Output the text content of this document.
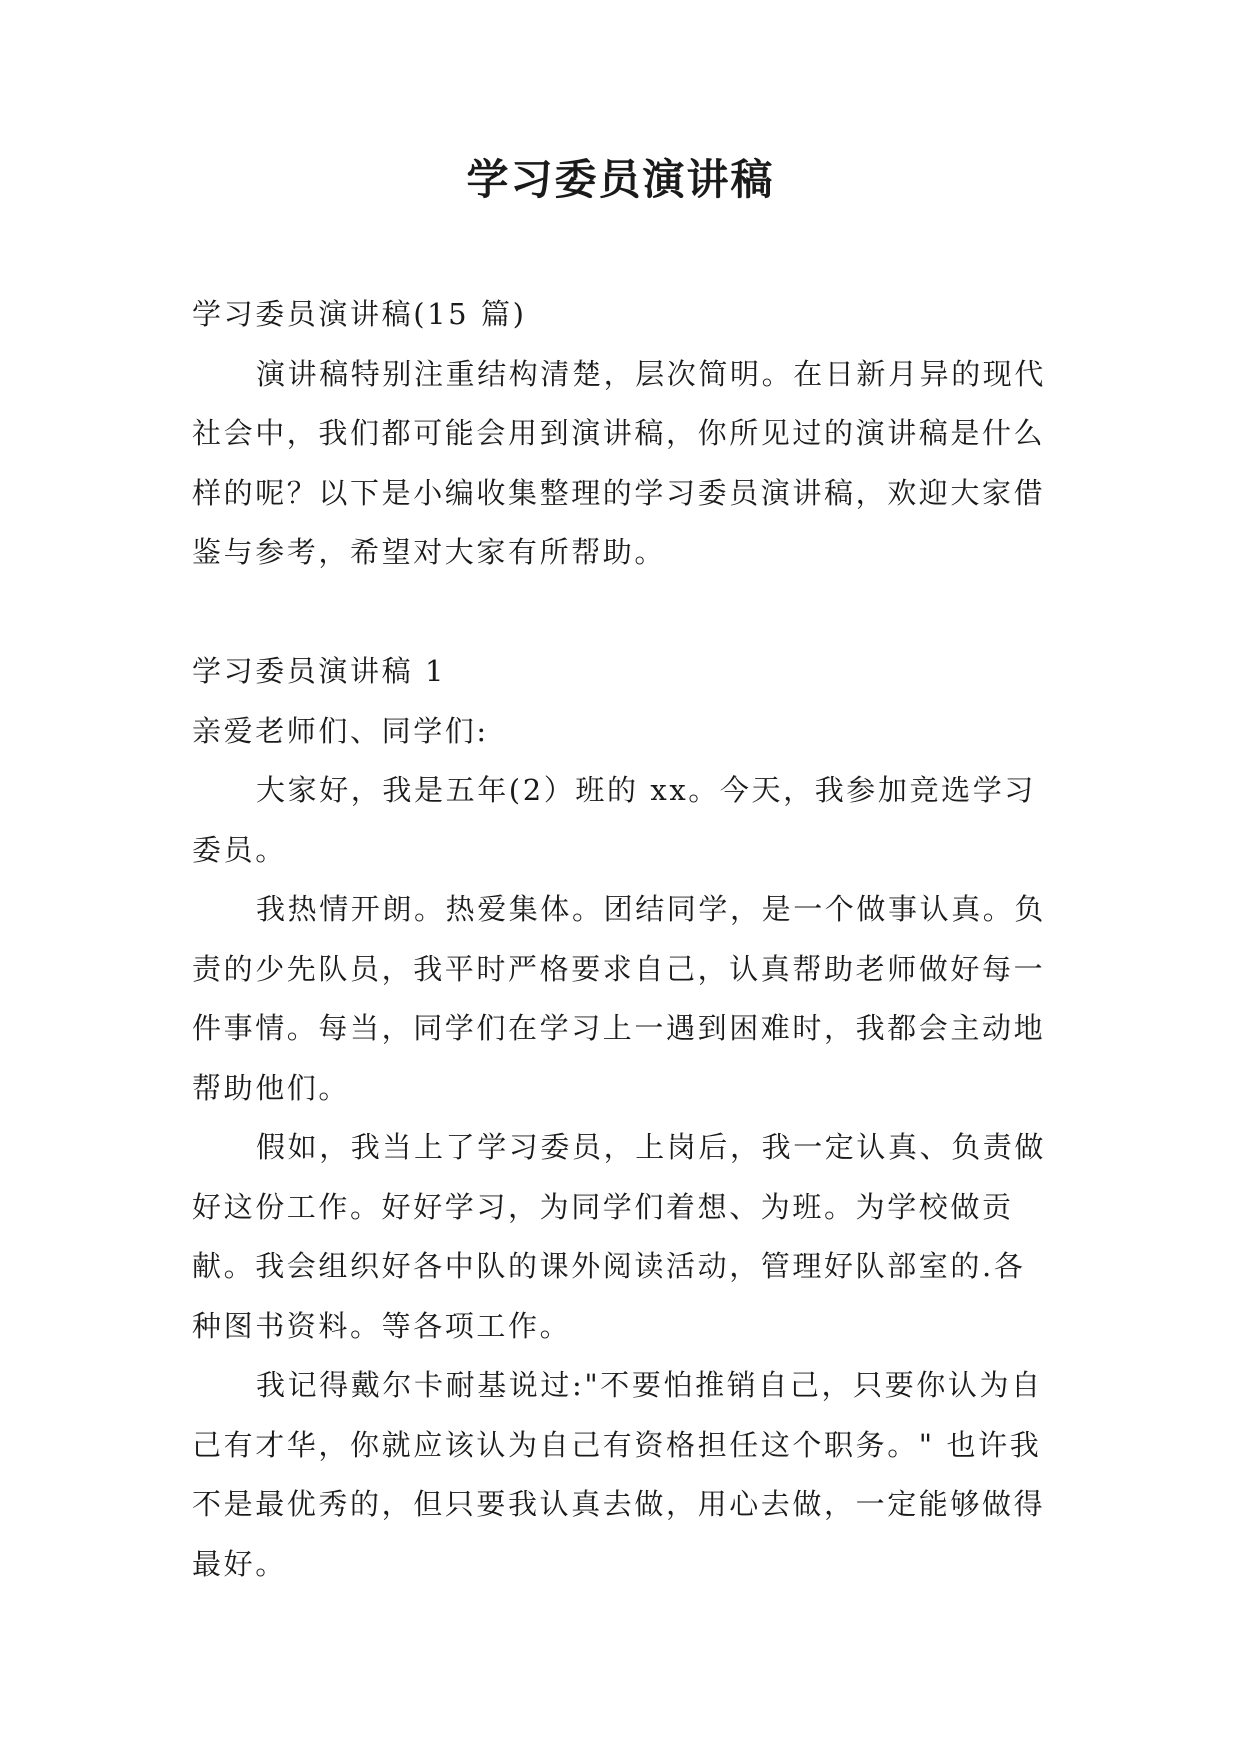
学习委员演讲稿

学习委员演讲稿(15 篇)

演讲稿特别注重结构清楚，层次简明。在日新月异的现代社会中，我们都可能会用到演讲稿，你所见过的演讲稿是什么样的呢？以下是小编收集整理的学习委员演讲稿，欢迎大家借鉴与参考，希望对大家有所帮助。

学习委员演讲稿 1

亲爱老师们、同学们:

大家好，我是五年(2）班的 xx。今天，我参加竞选学习委员。

我热情开朗。热爱集体。团结同学，是一个做事认真。负责的少先队员，我平时严格要求自己，认真帮助老师做好每一件事情。每当，同学们在学习上一遇到困难时，我都会主动地帮助他们。

假如，我当上了学习委员，上岗后，我一定认真、负责做好这份工作。好好学习，为同学们着想、为班。为学校做贡献。我会组织好各中队的课外阅读活动，管理好队部室的.各种图书资料。等各项工作。

我记得戴尔卡耐基说过:"不要怕推销自己，只要你认为自己有才华，你就应该认为自己有资格担任这个职务。" 也许我不是最优秀的，但只要我认真去做，用心去做，一定能够做得最好。
